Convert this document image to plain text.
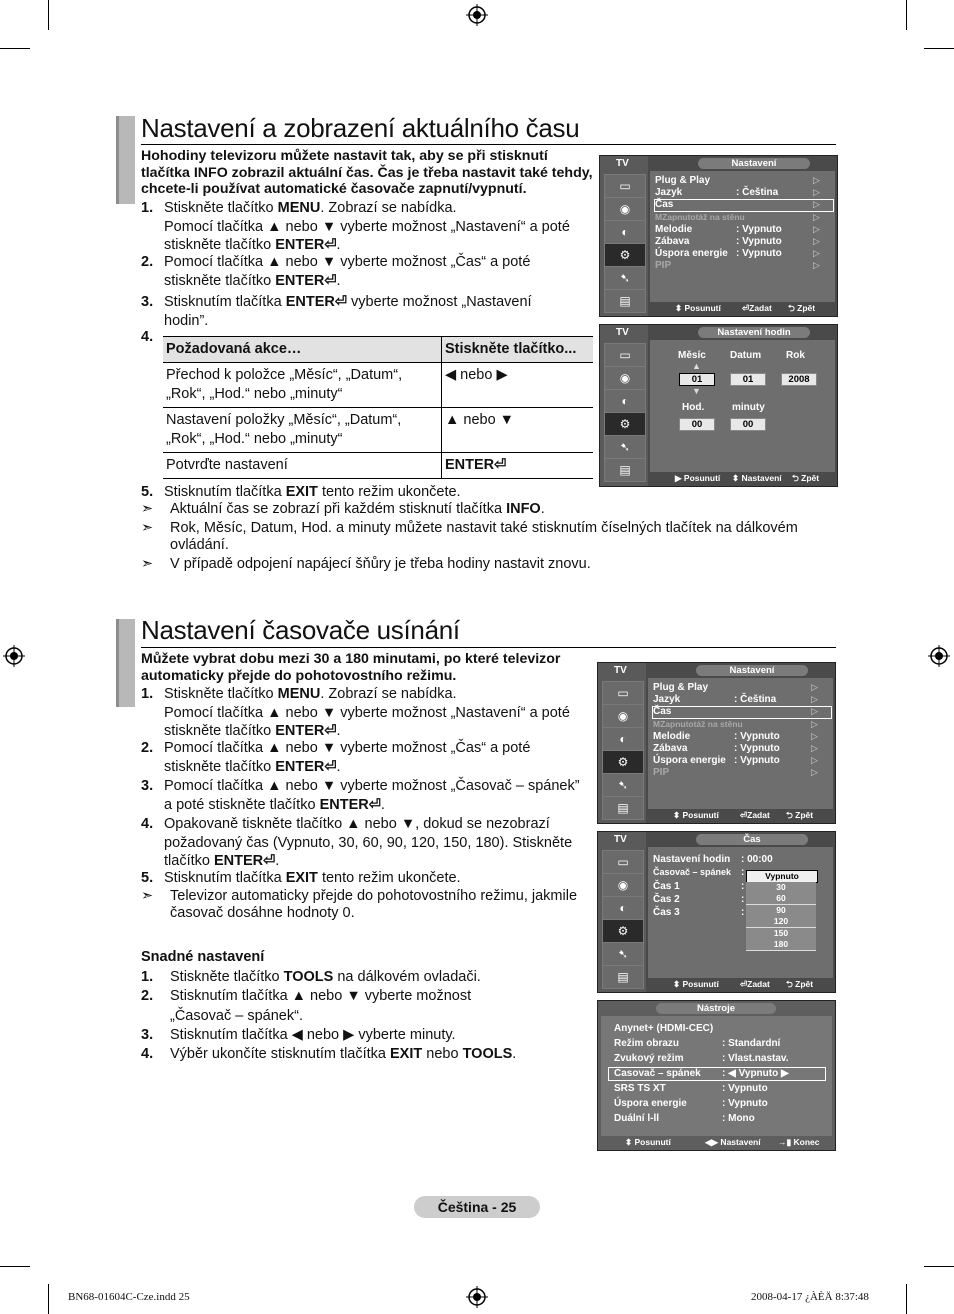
Nastavení a zobrazení aktuálního času
Hohodiny televizoru můžete nastavit tak, aby se při stisknutí tlačítka INFO zobrazil aktuální čas. Čas je třeba nastavit také tehdy, chcete-li používat automatické časovače zapnutí/vypnutí.
1. Stiskněte tlačítko MENU. Zobrazí se nabídka.
Pomocí tlačítka ▲ nebo ▼ vyberte možnost „Nastavení“ a poté
stiskněte tlačítko ENTER⏎.
2. Pomocí tlačítka ▲ nebo ▼ vyberte možnost „Čas“ a poté
stiskněte tlačítko ENTER⏎.
3. Stisknutím tlačítka ENTER⏎ vyberte možnost „Nastavení
hodin”.
4.
Požadovaná akce…	Stiskněte tlačítko...
Přechod k položce „Měsíc“, „Datum“, „Rok“, „Hod.“ nebo „minuty“	◀ nebo ▶
Nastavení položky „Měsíc“, „Datum“, „Rok“, „Hod.“ nebo „minuty“	▲ nebo ▼
Potvrďte nastavení	ENTER⏎
5. Stisknutím tlačítka EXIT tento režim ukončete.
➣ Aktuální čas se zobrazí při každém stisknutí tlačítka INFO.
➣ Rok, Měsíc, Datum, Hod. a minuty můžete nastavit také stisknutím číselných tlačítek na dálkovém ovládání.
➣ V případě odpojení napájecí šňůry je třeba hodiny nastavit znovu.
TV	Nastavení
▭
◉
◐
⚙
➷
▤
Plug & Play	▷
Jazyk	: Čeština	▷
Čas	▷
MZapnutotáž na stěnu	▷
Melodie	: Vypnuto	▷
Zábava	: Vypnuto	▷
Úspora energie : Vypnuto	▷
PIP	▷
⬍ Posunutí ⏎Zadat ⮌ Zpět
TV	Nastavení hodin
▭
◉
◐
⚙
➷
▤
Měsíc Datum Rok
▲
01
▼
01	2008
Hod.	minuty
00	00
▶ Posunutí ⬍ Nastavení ⮌ Zpět
Nastavení časovače usínání
Můžete vybrat dobu mezi 30 a 180 minutami, po které televizor automaticky přejde do pohotovostního režimu.
1. Stiskněte tlačítko MENU. Zobrazí se nabídka.
Pomocí tlačítka ▲ nebo ▼ vyberte možnost „Nastavení“ a poté
stiskněte tlačítko ENTER⏎.
2. Pomocí tlačítka ▲ nebo ▼ vyberte možnost „Čas“ a poté
stiskněte tlačítko ENTER⏎.
3. Pomocí tlačítka ▲ nebo ▼ vyberte možnost „Časovač – spánek”
a poté stiskněte tlačítko ENTER⏎.
4. Opakovaně tiskněte tlačítko ▲ nebo ▼, dokud se nezobrazí
požadovaný čas (Vypnuto, 30, 60, 90, 120, 150, 180). Stiskněte
tlačítko ENTER⏎.
5. Stisknutím tlačítka EXIT tento režim ukončete.
➣ Televizor automaticky přejde do pohotovostního režimu, jakmile časovač dosáhne hodnoty 0.
Snadné nastavení
1. Stiskněte tlačítko TOOLS na dálkovém ovladači.
2. Stisknutím tlačítka ▲ nebo ▼ vyberte možnost
„Časovač – spánek“.
3. Stisknutím tlačítka ◀ nebo ▶ vyberte minuty.
4. Výběr ukončíte stisknutím tlačítka EXIT nebo TOOLS.
TV	Nastavení
▭
◉
◐
⚙
➷
▤
Plug & Play	▷
Jazyk	: Čeština	▷
Čas	▷
MZapnutotáž na stěnu	▷
Melodie	: Vypnuto	▷
Zábava	: Vypnuto	▷
Úspora energie : Vypnuto	▷
PIP	▷
⬍ Posunutí ⏎Zadat ⮌ Zpět
TV	Čas
▭
◉
◐
⚙
➷
▤
Nastavení hodin : 00:00
Časovač – spánek :
Čas 1	:
Čas 2	:
Čas 3	:
Vypnuto
30
60
90
120
150
180
⬍ Posunutí ⏎Zadat ⮌ Zpět
Nástroje
Anynet+ (HDMI-CEC)
Režim obrazu	: Standardní
Zvukový režim	: Vlast.nastav.
Časovač – spánek : ◀ Vypnuto ▶
SRS TS XT	: Vypnuto
Úspora energie	: Vypnuto
Duální l-ll	: Mono
⬍ Posunutí	◀▶ Nastavení →▮ Konec
Čeština - 25
BN68-01604C-Cze.indd 25	2008-04-17 ¿ÀÈÄ 8:37:48
